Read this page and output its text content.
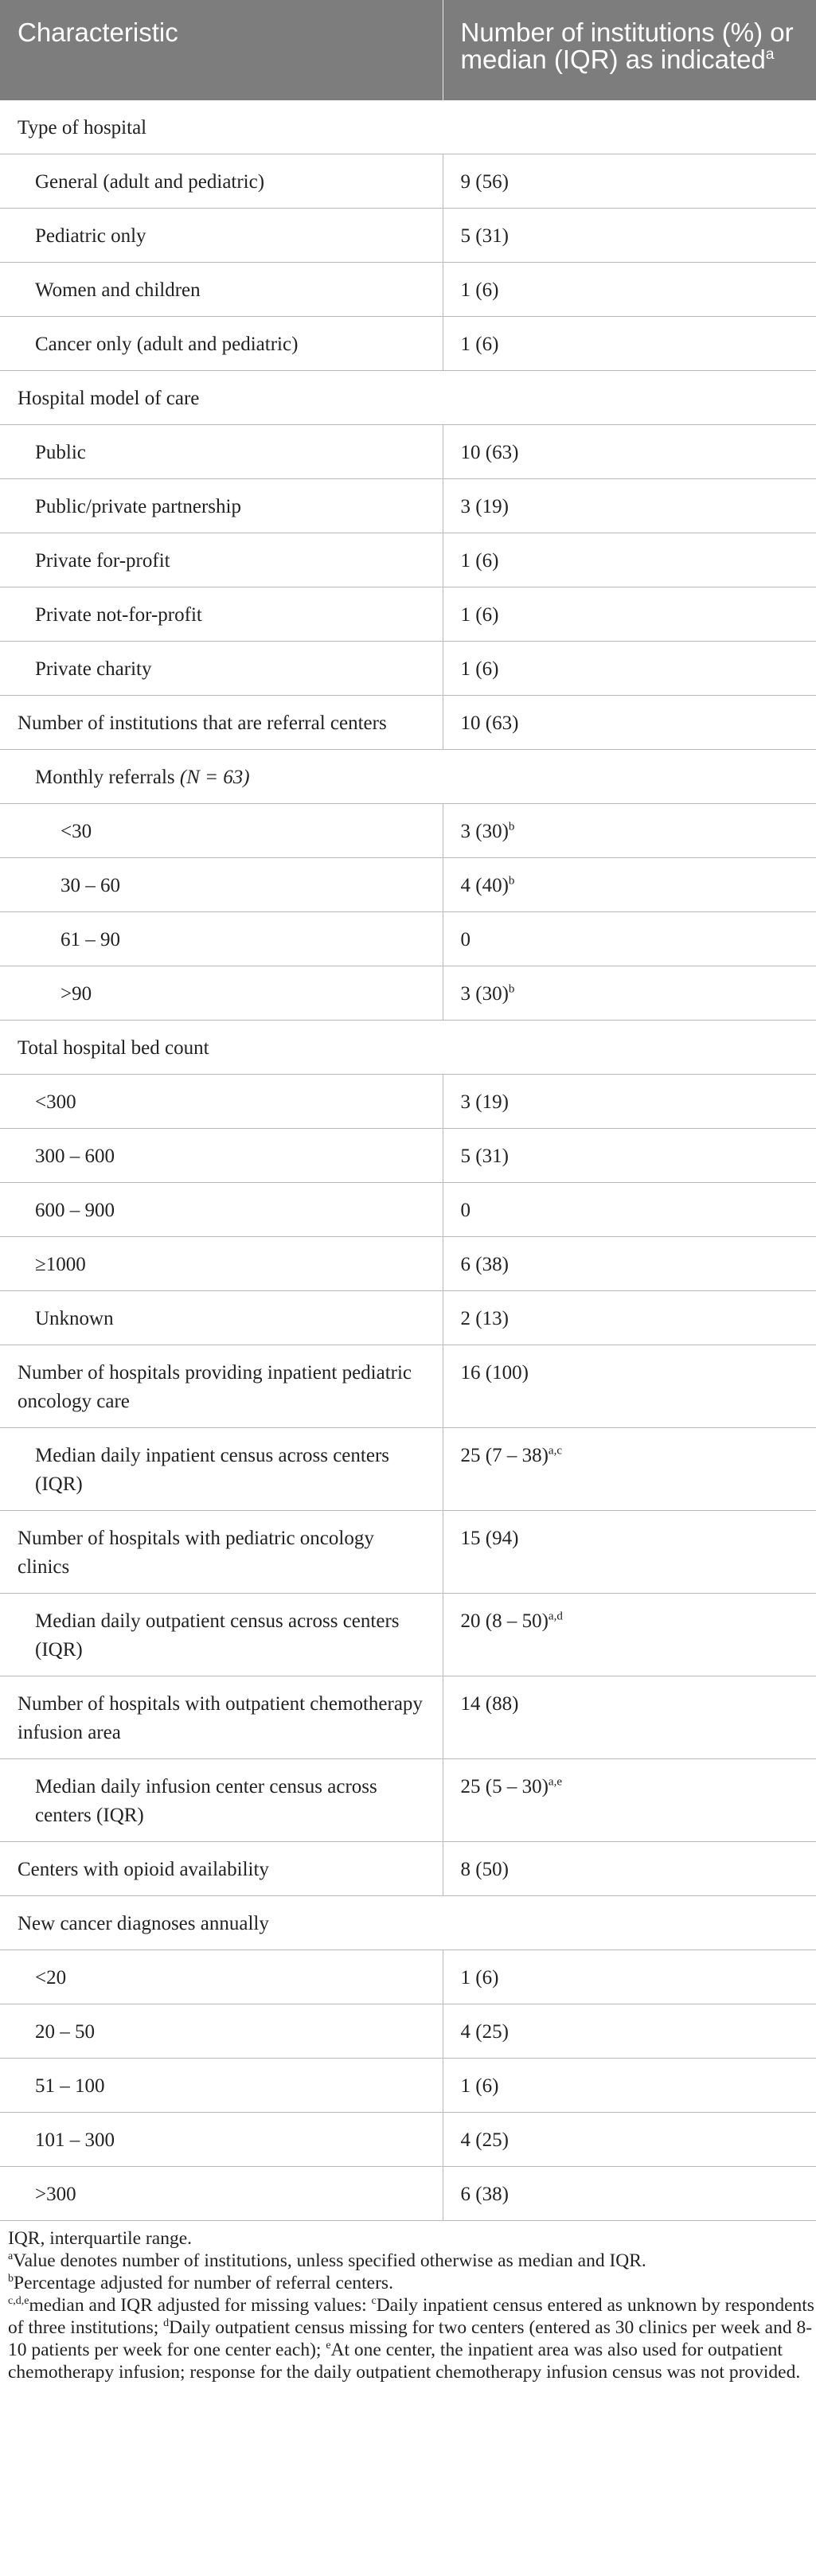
Characteristic	Number of institutions (%) or median (IQR) as indicated$^a$
Type of hospital	
General (adult and pediatric)	9 (56)
Pediatric only	5 (31)
Women and children	1 (6)
Cancer only (adult and pediatric)	1 (6)
Hospital model of care	
Public	10 (63)
Public/private partnership	3 (19)
Private for-profit	1 (6)
Private not-for-profit	1 (6)
Private charity	1 (6)
Number of institutions that are referral centers	10 (63)
Monthly referrals (N = 63)	
<30	3 $(30)^b$
30 – 60	4 $(40)^b$
61 – 90	0
>90	3 $(30)^b$
Total hospital bed count	
<300	3 (19)
300 – 600	5 (31)
600 – 900	0
≥1000	6 (38)
Unknown	2 (13)
Number of hospitals providing inpatient pediatric oncology care	16 (100)
Median daily inpatient census across centers (IQR)	25 (7 – 38)$^{a,c}$
Number of hospitals with pediatric oncology clinics	15 (94)
Median daily outpatient census across centers (IQR)	20 (8 – 50)$^{a,d}$
Number of hospitals with outpatient chemotherapy infusion area	14 (88)
Median daily infusion center census across centers (IQR)	25 (5 – 30)$^{a,e}$
Centers with opioid availability	8 (50)
New cancer diagnoses annually	
<20	1 (6)
20 – 50	4 (25)
51 – 100	1 (6)
101 – 300	4 (25)
>300	6 (38)

IQR, interquartile range.

$^a$Value denotes number of institutions, unless specified otherwise as median and IQR.

$^b$Percentage adjusted for number of referral centers.

$^{c,d,e}$median and IQR adjusted for missing values: $^c$Daily inpatient census entered as unknown by respondents of three institutions; $^d$Daily outpatient census missing for two centers (entered as 30 clinics per week and 8-10 patients per week for one center each); $^e$At one center, the inpatient area was also used for outpatient chemotherapy infusion; response for the daily outpatient chemotherapy infusion census was not provided.
